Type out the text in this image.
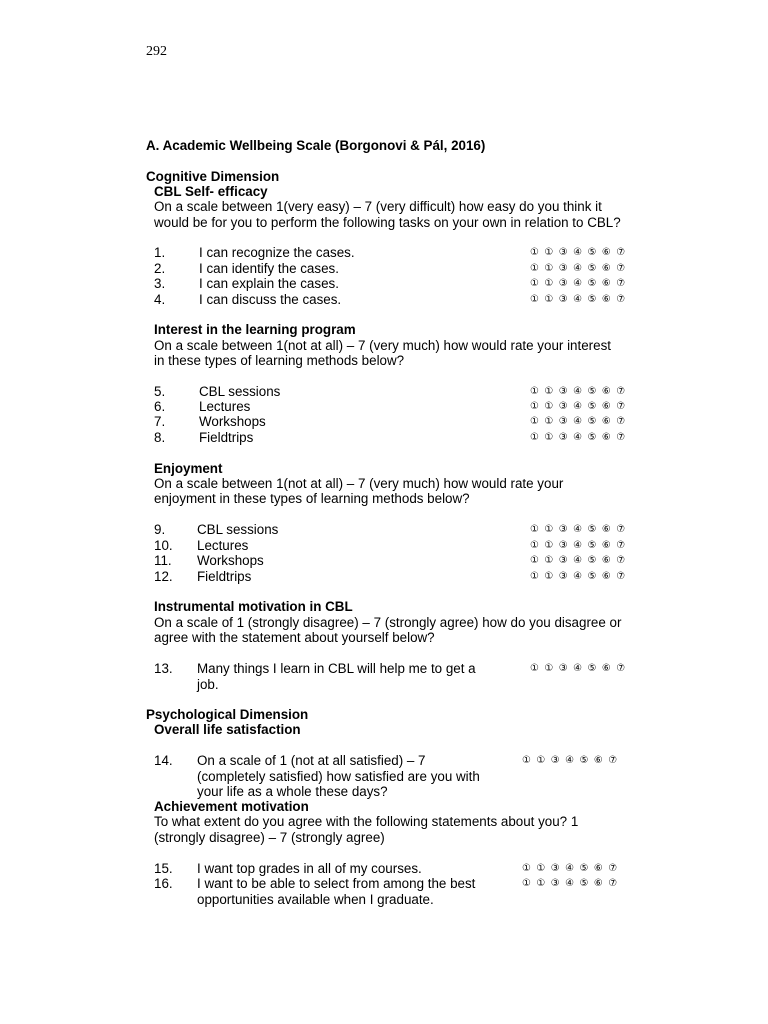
292
A. Academic Wellbeing Scale (Borgonovi & Pál, 2016)
Cognitive Dimension
CBL Self- efficacy
On a scale between 1(very easy) – 7 (very difficult) how easy do you think it
would be for you to perform the following tasks on your own in relation to CBL?
1.	I can recognize the cases.	①①③④⑤⑥⑦
2.	I can identify the cases.	①①③④⑤⑥⑦
3.	I can explain the cases.	①①③④⑤⑥⑦
4.	I can discuss the cases.	①①③④⑤⑥⑦
Interest in the learning program
On a scale between 1(not at all) – 7 (very much) how would rate your interest
in these types of learning methods below?
5.	CBL sessions	①①③④⑤⑥⑦
6.	Lectures	①①③④⑤⑥⑦
7.	Workshops	①①③④⑤⑥⑦
8.	Fieldtrips	①①③④⑤⑥⑦
Enjoyment
On a scale between 1(not at all) – 7 (very much) how would rate your
enjoyment in these types of learning methods below?
9. CBL sessions	①①③④⑤⑥⑦
10. Lectures	①①③④⑤⑥⑦
11. Workshops	①①③④⑤⑥⑦
12. Fieldtrips	①①③④⑤⑥⑦
Instrumental motivation in CBL
On a scale of 1 (strongly disagree) – 7 (strongly agree) how do you disagree or
agree with the statement about yourself below?
13. Many things I learn in CBL will help me to get a
job.
①①③④⑤⑥⑦
Psychological Dimension
Overall life satisfaction
14. On a scale of 1 (not at all satisfied) – 7
(completely satisfied) how satisfied are you with
your life as a whole these days?
①①③④⑤⑥⑦
Achievement motivation
To what extent do you agree with the following statements about you? 1
(strongly disagree) – 7 (strongly agree)
15. I want top grades in all of my courses.	①①③④⑤⑥⑦
16. I want to be able to select from among the best
opportunities available when I graduate.
①①③④⑤⑥⑦
